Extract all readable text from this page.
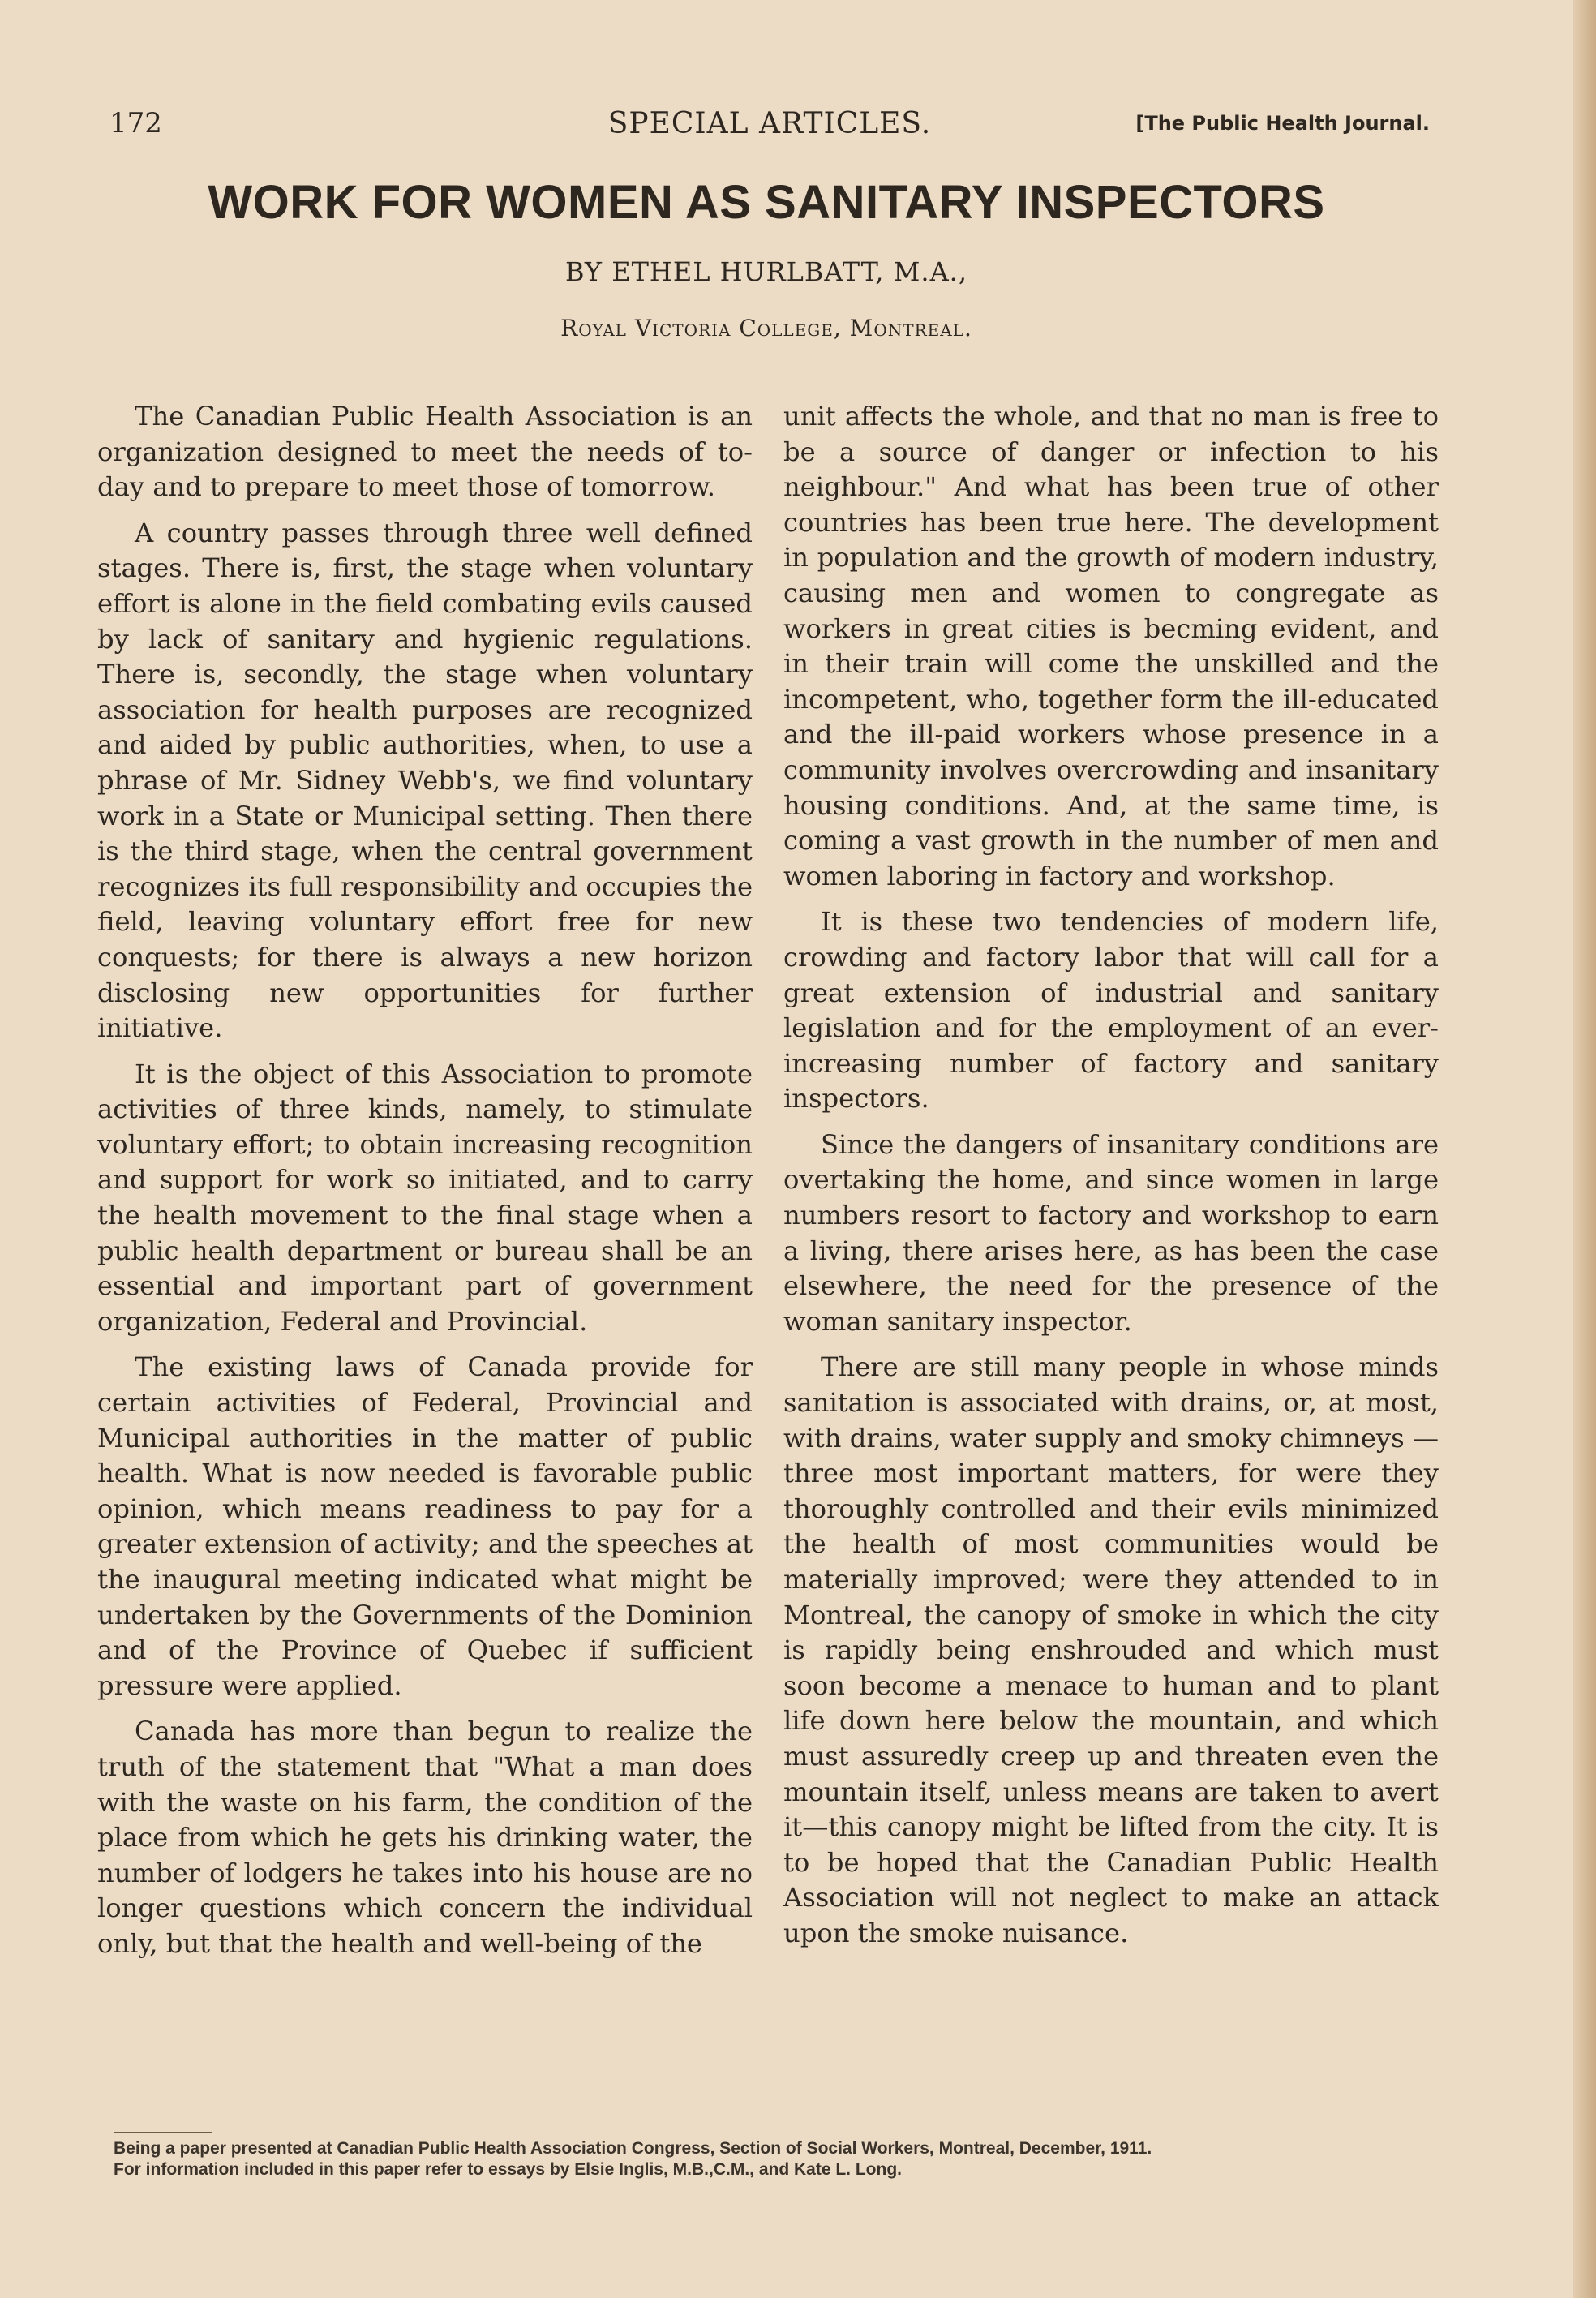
172	SPECIAL ARTICLES.	[The Public Health Journal.
WORK FOR WOMEN AS SANITARY INSPECTORS
BY ETHEL HURLBATT, M.A.,
Royal Victoria College, Montreal.

The Canadian Public Health Association is an organization designed to meet the needs of to-day and to prepare to meet those of tomorrow.

A country passes through three well defined stages. There is, first, the stage when voluntary effort is alone in the field combating evils caused by lack of sanitary and hygienic regulations. There is, secondly, the stage when voluntary association for health purposes are recognized and aided by public authorities, when, to use a phrase of Mr. Sidney Webb's, we find voluntary work in a State or Municipal setting. Then there is the third stage, when the central government recognizes its full responsibility and occupies the field, leaving voluntary effort free for new conquests; for there is always a new horizon disclosing new opportunities for further initiative.

It is the object of this Association to promote activities of three kinds, namely, to stimulate voluntary effort; to obtain increasing recognition and support for work so initiated, and to carry the health movement to the final stage when a public health department or bureau shall be an essential and important part of government organization, Federal and Provincial.

The existing laws of Canada provide for certain activities of Federal, Provincial and Municipal authorities in the matter of public health. What is now needed is favorable public opinion, which means readiness to pay for a greater extension of activity; and the speeches at the inaugural meeting indicated what might be undertaken by the Governments of the Dominion and of the Province of Quebec if sufficient pressure were applied.

Canada has more than begun to realize the truth of the statement that "What a man does with the waste on his farm, the condition of the place from which he gets his drinking water, the number of lodgers he takes into his house are no longer questions which concern the individual only, but that the health and well-being of the

unit affects the whole, and that no man is free to be a source of danger or infection to his neighbour." And what has been true of other countries has been true here. The development in population and the growth of modern industry, causing men and women to congregate as workers in great cities is becming evident, and in their train will come the unskilled and the incompetent, who, together form the ill-educated and the ill-paid workers whose presence in a community involves overcrowding and insanitary housing conditions. And, at the same time, is coming a vast growth in the number of men and women laboring in factory and workshop.

It is these two tendencies of modern life, crowding and factory labor that will call for a great extension of industrial and sanitary legislation and for the employment of an ever-increasing number of factory and sanitary inspectors.

Since the dangers of insanitary conditions are overtaking the home, and since women in large numbers resort to factory and workshop to earn a living, there arises here, as has been the case elsewhere, the need for the presence of the woman sanitary inspector.

There are still many people in whose minds sanitation is associated with drains, or, at most, with drains, water supply and smoky chimneys — three most important matters, for were they thoroughly controlled and their evils minimized the health of most communities would be materially improved; were they attended to in Montreal, the canopy of smoke in which the city is rapidly being enshrouded and which must soon become a menace to human and to plant life down here below the mountain, and which must assuredly creep up and threaten even the mountain itself, unless means are taken to avert it—this canopy might be lifted from the city. It is to be hoped that the Canadian Public Health Association will not neglect to make an attack upon the smoke nuisance.

Being a paper presented at Canadian Public Health Association Congress, Section of Social Workers, Montreal, December, 1911.
For information included in this paper refer to essays by Elsie Inglis, M.B.,C.M., and Kate L. Long.
